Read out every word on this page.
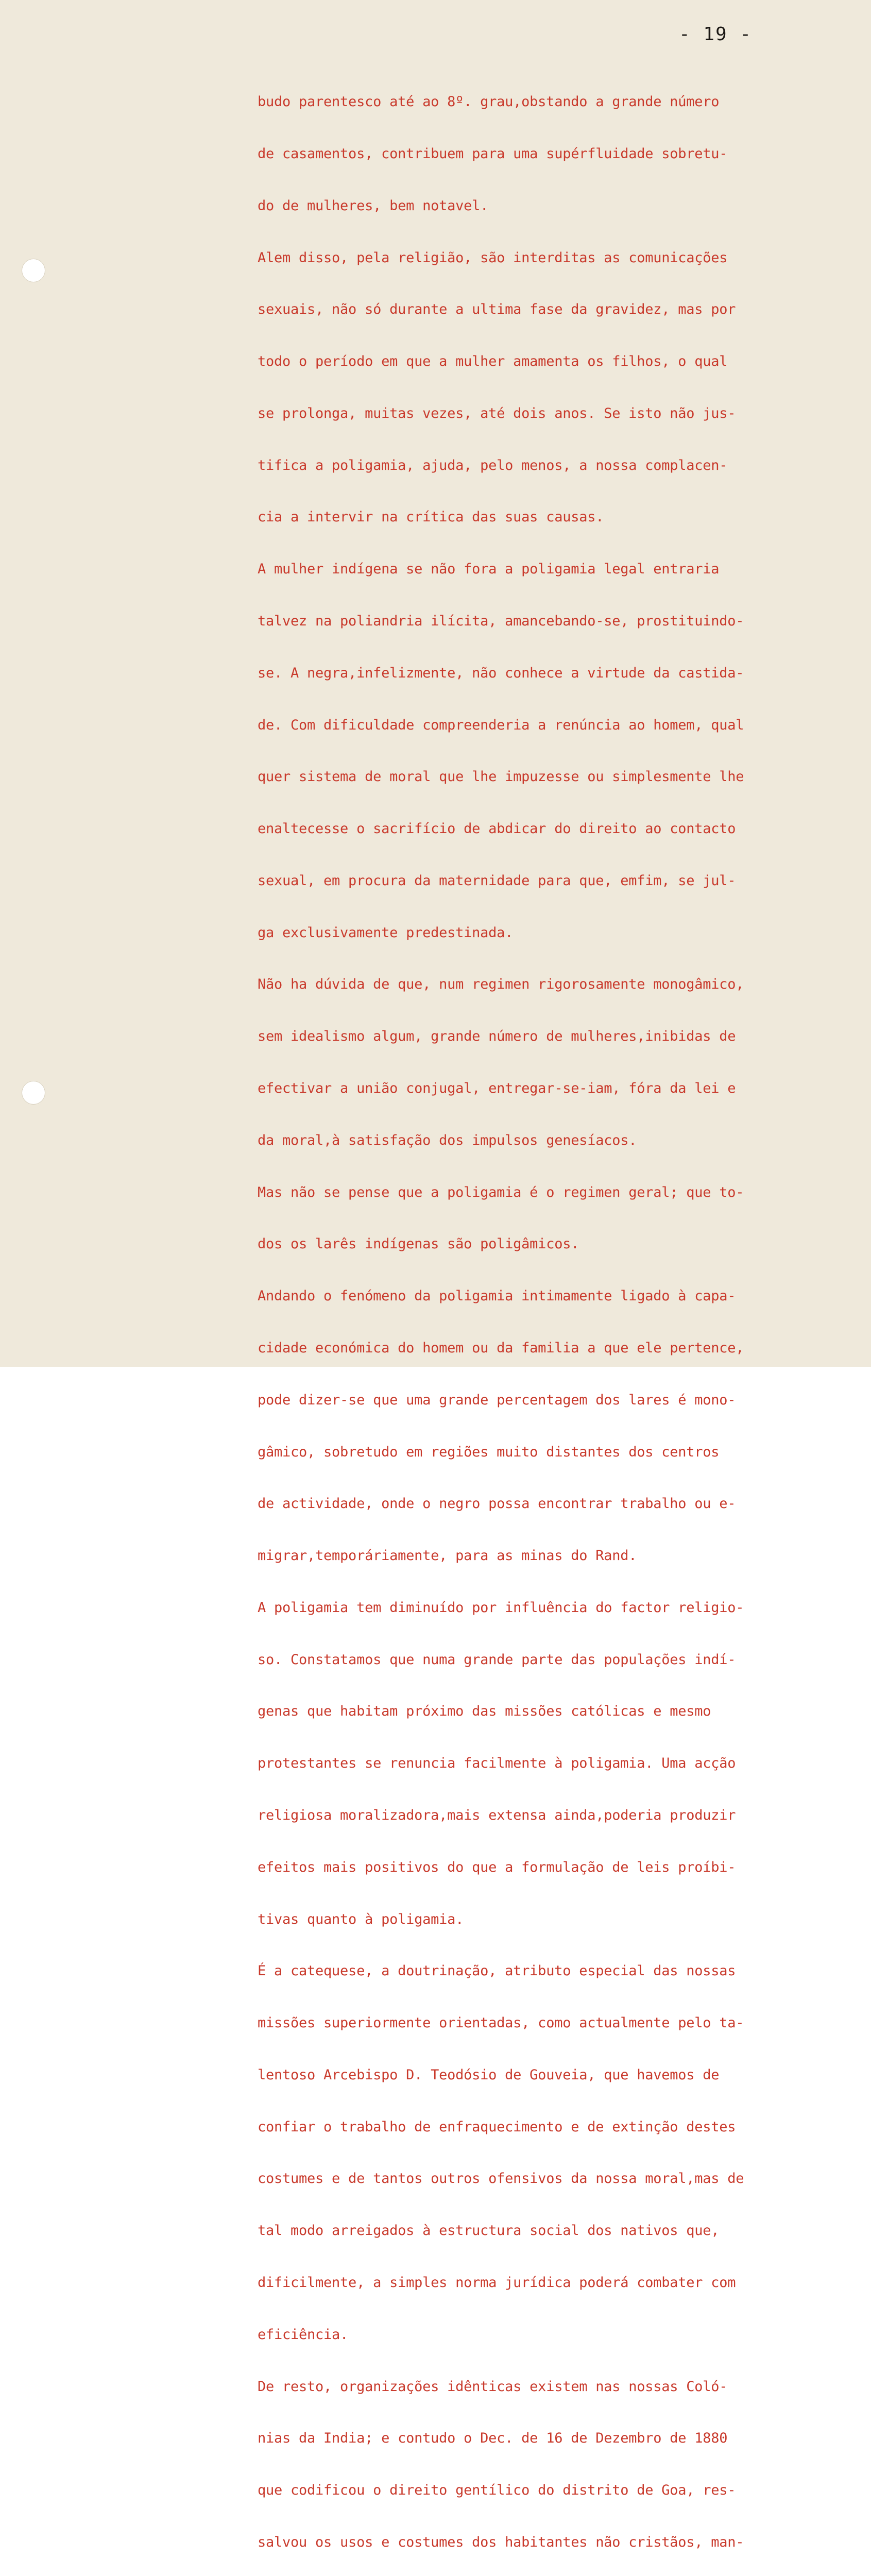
- 19 -

budo parentesco até ao 8º. grau,obstando a grande número

de casamentos, contribuem para uma supérfluidade sobretu-

do de mulheres, bem notavel.

Alem disso, pela religião, são interditas as comunicações

sexuais, não só durante a ultima fase da gravidez, mas por

todo o período em que a mulher amamenta os filhos, o qual

se prolonga, muitas vezes, até dois anos. Se isto não jus-

tifica a poligamia, ajuda, pelo menos, a nossa complacen-

cia a intervir na crítica das suas causas.

A mulher indígena se não fora a poligamia legal entraria

talvez na poliandria ilícita, amancebando-se, prostituindo-

se. A negra,infelizmente, não conhece a virtude da castida-

de. Com dificuldade compreenderia a renúncia ao homem, qual

quer sistema de moral que lhe impuzesse ou simplesmente lhe

enaltecesse o sacrifício de abdicar do direito ao contacto

sexual, em procura da maternidade para que, emfim, se jul-

ga exclusivamente predestinada.

Não ha dúvida de que, num regimen rigorosamente monogâmico,

sem idealismo algum, grande número de mulheres,inibidas de

efectivar a união conjugal, entregar-se-iam, fóra da lei e

da moral,à satisfação dos impulsos genesíacos.

Mas não se pense que a poligamia é o regimen geral; que to-

dos os larês indígenas são poligâmicos.

Andando o fenómeno da poligamia intimamente ligado à capa-

cidade económica do homem ou da familia a que ele pertence,

pode dizer-se que uma grande percentagem dos lares é mono-

gâmico, sobretudo em regiões muito distantes dos centros

de actividade, onde o negro possa encontrar trabalho ou e-

migrar,temporáriamente, para as minas do Rand.

A poligamia tem diminuído por influência do factor religio-

so. Constatamos que numa grande parte das populações indí-

genas que habitam próximo das missões católicas e mesmo

protestantes se renuncia facilmente à poligamia. Uma acção

religiosa moralizadora,mais extensa ainda,poderia produzir

efeitos mais positivos do que a formulação de leis proíbi-

tivas quanto à poligamia.

É a catequese, a doutrinação, atributo especial das nossas

missões superiormente orientadas, como actualmente pelo ta-

lentoso Arcebispo D. Teodósio de Gouveia, que havemos de

confiar o trabalho de enfraquecimento e de extinção destes

costumes e de tantos outros ofensivos da nossa moral,mas de

tal modo arreigados à estructura social dos nativos que,

dificilmente, a simples norma jurídica poderá combater com

eficiência.

De resto, organizações idênticas existem nas nossas Coló-

nias da India; e contudo o Dec. de 16 de Dezembro de 1880

que codificou o direito gentílico do distrito de Goa, res-

salvou os usos e costumes dos habitantes não cristãos, man-
